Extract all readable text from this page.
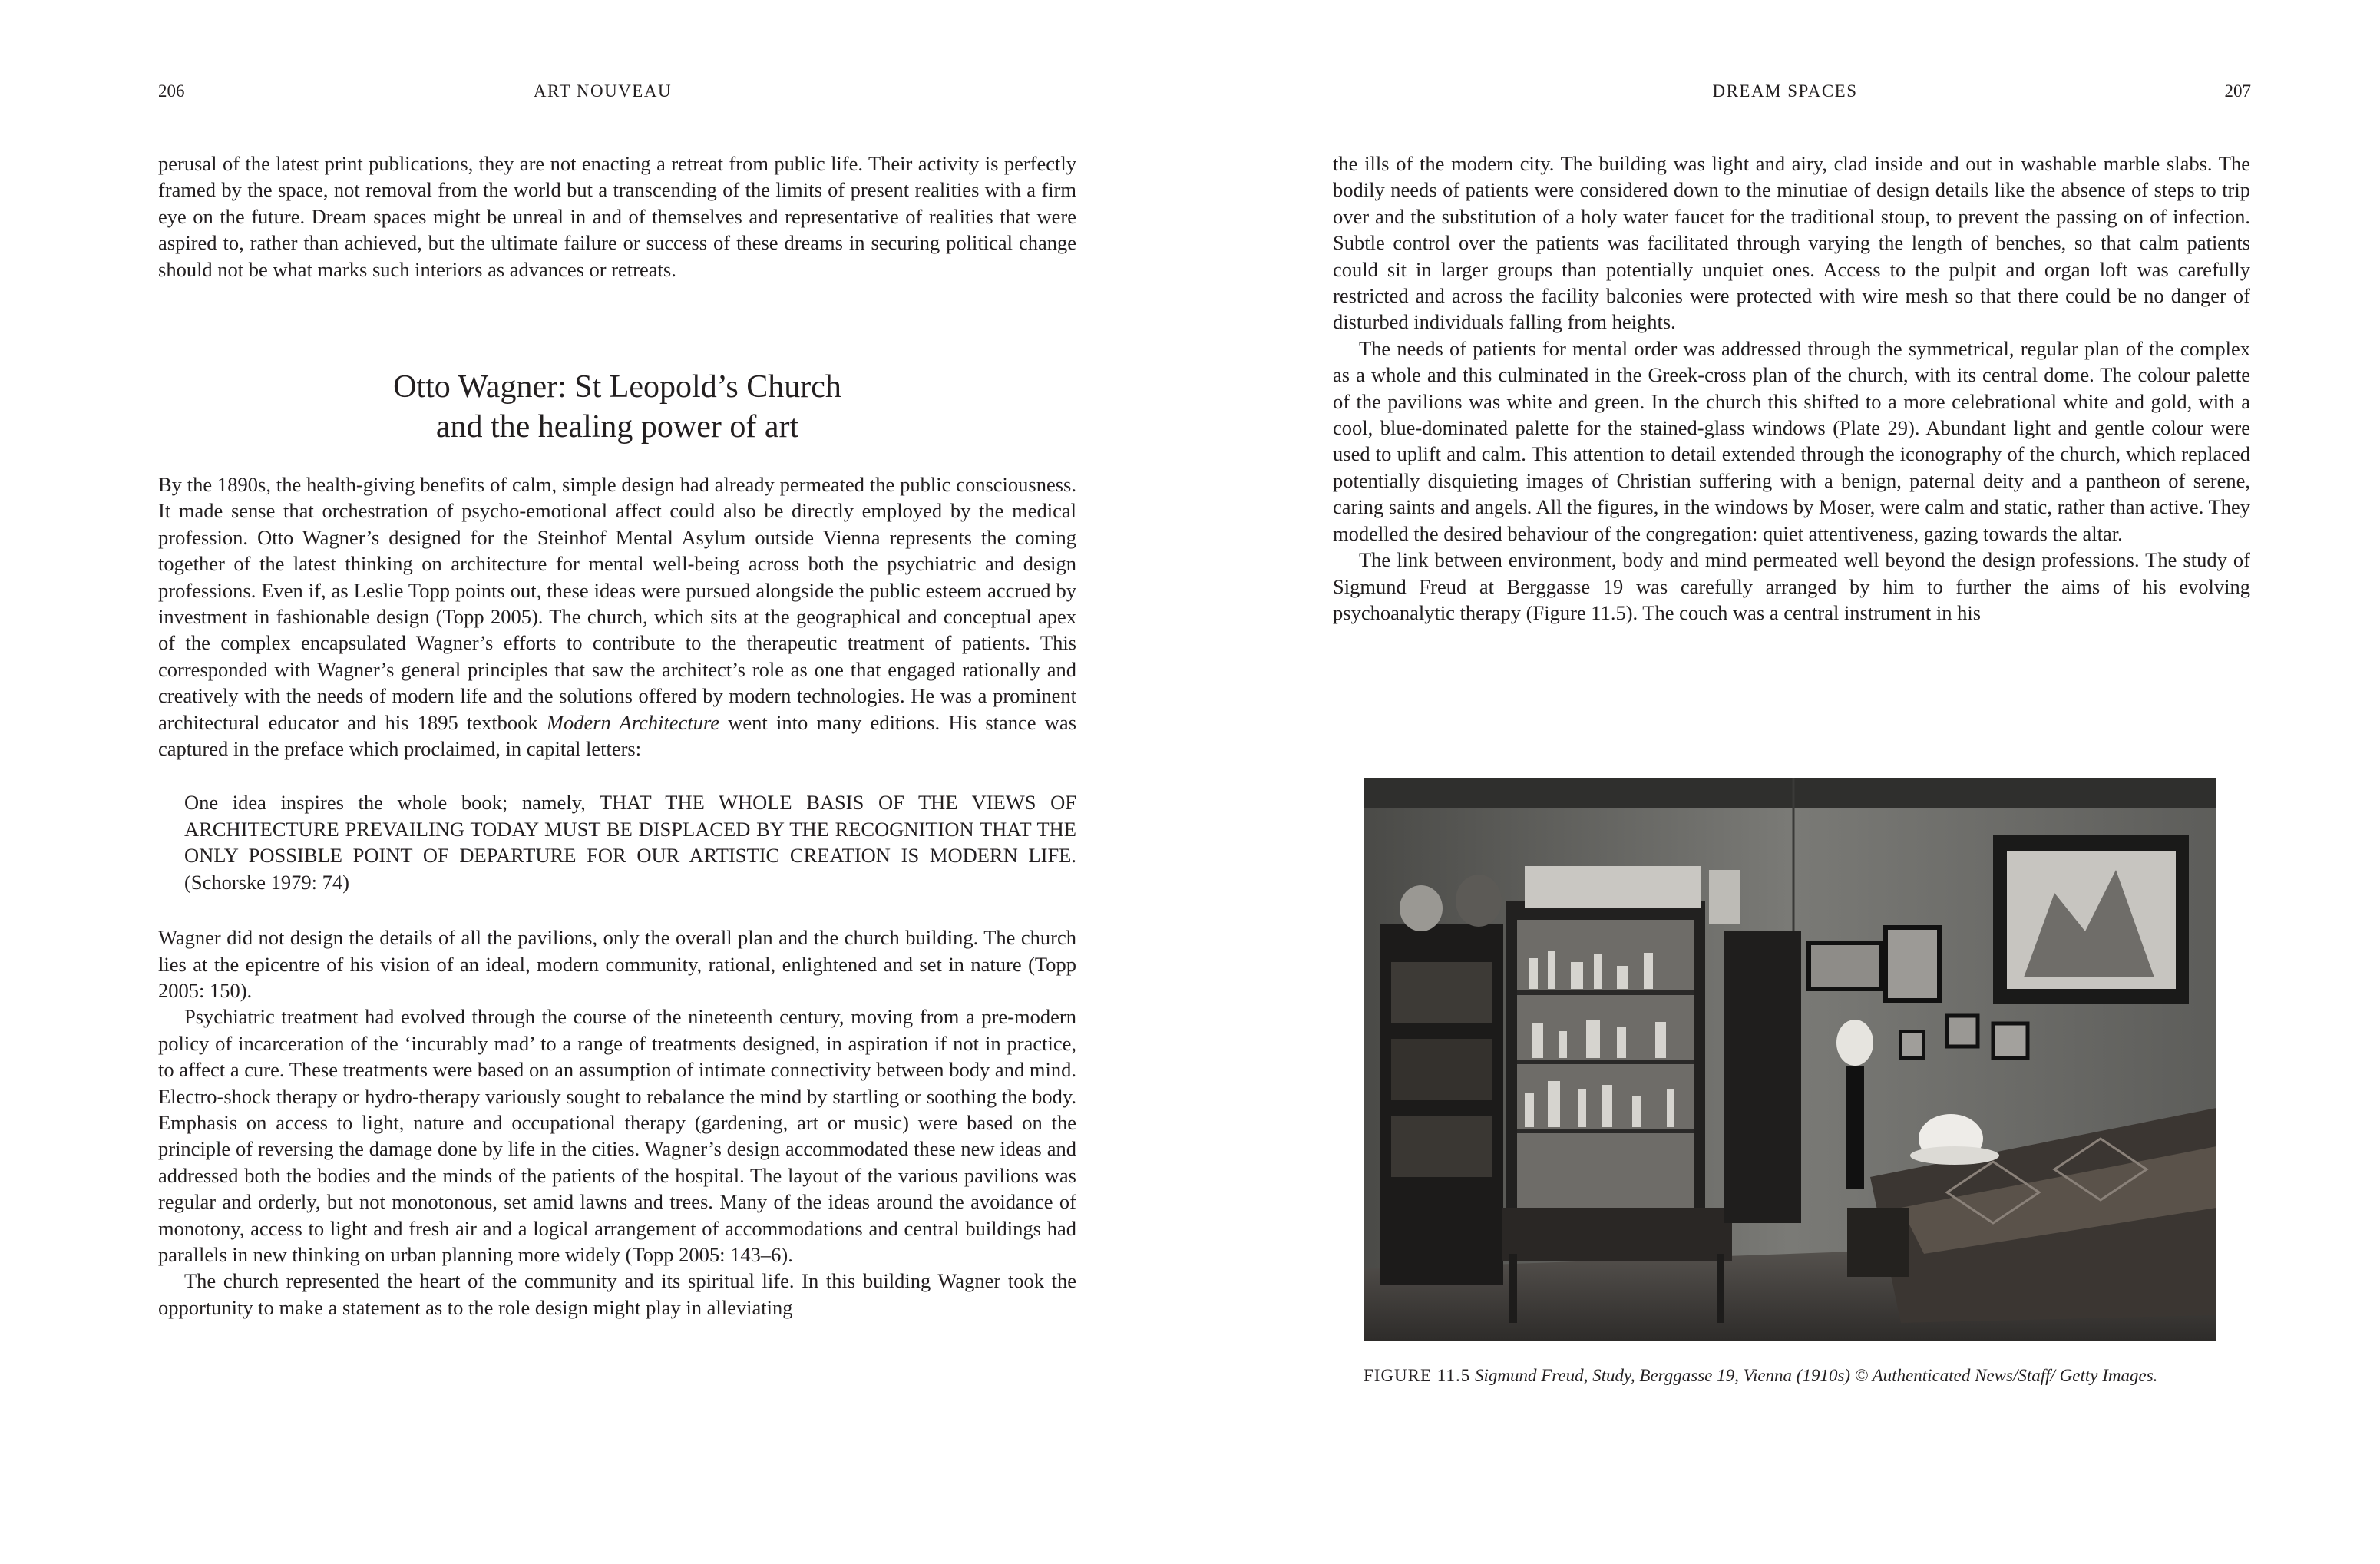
206	ART NOUVEAU

perusal of the latest print publications, they are not enacting a retreat from public life. Their activity is perfectly framed by the space, not removal from the world but a transcending of the limits of present realities with a firm eye on the future. Dream spaces might be unreal in and of themselves and representative of realities that were aspired to, rather than achieved, but the ultimate failure or success of these dreams in securing political change should not be what marks such interiors as advances or retreats.

Otto Wagner: St Leopold’s Church
and the healing power of art

By the 1890s, the health-giving benefits of calm, simple design had already permeated the public consciousness. It made sense that orchestration of psycho-emotional affect could also be directly employed by the medical profession. Otto Wagner’s designed for the Steinhof Mental Asylum outside Vienna represents the coming together of the latest thinking on architecture for mental well-being across both the psychiatric and design professions. Even if, as Leslie Topp points out, these ideas were pursued alongside the public esteem accrued by investment in fashionable design (Topp 2005). The church, which sits at the geographical and conceptual apex of the complex encapsulated Wagner’s efforts to contribute to the therapeutic treatment of patients. This corresponded with Wagner’s general principles that saw the architect’s role as one that engaged rationally and creatively with the needs of modern life and the solutions offered by modern technologies. He was a prominent architectural educator and his 1895 textbook Modern Architecture went into many editions. His stance was captured in the preface which proclaimed, in capital letters:

One idea inspires the whole book; namely, THAT THE WHOLE BASIS OF THE VIEWS OF ARCHITECTURE PREVAILING TODAY MUST BE DISPLACED BY THE RECOGNITION THAT THE ONLY POSSIBLE POINT OF DEPARTURE FOR OUR ARTISTIC CREATION IS MODERN LIFE. (Schorske 1979: 74)

Wagner did not design the details of all the pavilions, only the overall plan and the church building. The church lies at the epicentre of his vision of an ideal, modern community, rational, enlightened and set in nature (Topp 2005: 150).

Psychiatric treatment had evolved through the course of the nineteenth century, moving from a pre-modern policy of incarceration of the ‘incurably mad’ to a range of treatments designed, in aspiration if not in practice, to affect a cure. These treatments were based on an assumption of intimate connectivity between body and mind. Electro-shock therapy or hydro-therapy variously sought to rebalance the mind by startling or soothing the body. Emphasis on access to light, nature and occupational therapy (gardening, art or music) were based on the principle of reversing the damage done by life in the cities. Wagner’s design accommodated these new ideas and addressed both the bodies and the minds of the patients of the hospital. The layout of the various pavilions was regular and orderly, but not monotonous, set amid lawns and trees. Many of the ideas around the avoidance of monotony, access to light and fresh air and a logical arrangement of accommodations and central buildings had parallels in new thinking on urban planning more widely (Topp 2005: 143–6).

The church represented the heart of the community and its spiritual life. In this building Wagner took the opportunity to make a statement as to the role design might play in alleviating

DREAM SPACES	207

the ills of the modern city. The building was light and airy, clad inside and out in washable marble slabs. The bodily needs of patients were considered down to the minutiae of design details like the absence of steps to trip over and the substitution of a holy water faucet for the traditional stoup, to prevent the passing on of infection. Subtle control over the patients was facilitated through varying the length of benches, so that calm patients could sit in larger groups than potentially unquiet ones. Access to the pulpit and organ loft was carefully restricted and across the facility balconies were protected with wire mesh so that there could be no danger of disturbed individuals falling from heights.

The needs of patients for mental order was addressed through the symmetrical, regular plan of the complex as a whole and this culminated in the Greek-cross plan of the church, with its central dome. The colour palette of the pavilions was white and green. In the church this shifted to a more celebrational white and gold, with a cool, blue-dominated palette for the stained-glass windows (Plate 29). Abundant light and gentle colour were used to uplift and calm. This attention to detail extended through the iconography of the church, which replaced potentially disquieting images of Christian suffering with a benign, paternal deity and a pantheon of serene, caring saints and angels. All the figures, in the windows by Moser, were calm and static, rather than active. They modelled the desired behaviour of the congregation: quiet attentiveness, gazing towards the altar.

The link between environment, body and mind permeated well beyond the design professions. The study of Sigmund Freud at Berggasse 19 was carefully arranged by him to further the aims of his evolving psychoanalytic therapy (Figure 11.5). The couch was a central instrument in his

FIGURE 11.5 Sigmund Freud, Study, Berggasse 19, Vienna (1910s) © Authenticated News/Staff/ Getty Images.
